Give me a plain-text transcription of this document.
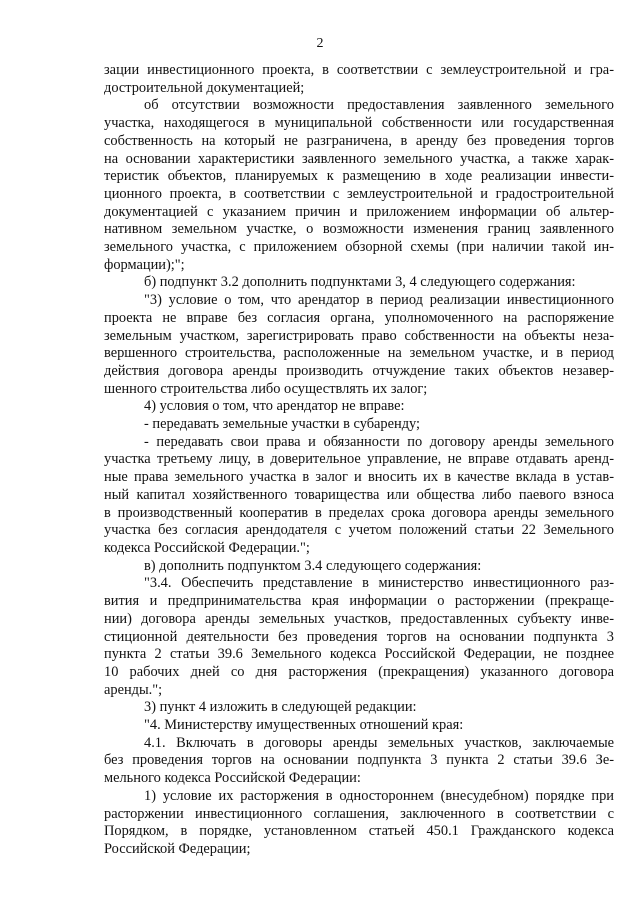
2
зации инвестиционного проекта, в соответствии с землеустроительной и гра-
достроительной документацией;
об отсутствии возможности предоставления заявленного земельного
участка, находящегося в муниципальной собственности или государственная
собственность на который не разграничена, в аренду без проведения торгов
на основании характеристики заявленного земельного участка, а также харак-
теристик объектов, планируемых к размещению в ходе реализации инвести-
ционного проекта, в соответствии с землеустроительной и градостроительной
документацией с указанием причин и приложением информации об альтер-
нативном земельном участке, о возможности изменения границ заявленного
земельного участка, с приложением обзорной схемы (при наличии такой ин-
формации);";
б) подпункт 3.2 дополнить подпунктами 3, 4 следующего содержания:
"3) условие о том, что арендатор в период реализации инвестиционного
проекта не вправе без согласия органа, уполномоченного на распоряжение
земельным участком, зарегистрировать право собственности на объекты неза-
вершенного строительства, расположенные на земельном участке, и в период
действия договора аренды производить отчуждение таких объектов незавер-
шенного строительства либо осуществлять их залог;
4) условия о том, что арендатор не вправе:
- передавать земельные участки в субаренду;
- передавать свои права и обязанности по договору аренды земельного
участка третьему лицу, в доверительное управление, не вправе отдавать аренд-
ные права земельного участка в залог и вносить их в качестве вклада в устав-
ный капитал хозяйственного товарищества или общества либо паевого взноса
в производственный кооператив в пределах срока договора аренды земельного
участка без согласия арендодателя с учетом положений статьи 22 Земельного
кодекса Российской Федерации.";
в) дополнить подпунктом 3.4 следующего содержания:
"3.4. Обеспечить представление в министерство инвестиционного раз-
вития и предпринимательства края информации о расторжении (прекраще-
нии) договора аренды земельных участков, предоставленных субъекту инве-
стиционной деятельности без проведения торгов на основании подпункта 3
пункта 2 статьи 39.6 Земельного кодекса Российской Федерации, не позднее
10 рабочих дней со дня расторжения (прекращения) указанного договора
аренды.";
3) пункт 4 изложить в следующей редакции:
"4. Министерству имущественных отношений края:
4.1. Включать в договоры аренды земельных участков, заключаемые
без проведения торгов на основании подпункта 3 пункта 2 статьи 39.6 Зе-
мельного кодекса Российской Федерации:
1) условие их расторжения в одностороннем (внесудебном) порядке при
расторжении инвестиционного соглашения, заключенного в соответствии с
Порядком, в порядке, установленном статьей 450.1 Гражданского кодекса
Российской Федерации;
